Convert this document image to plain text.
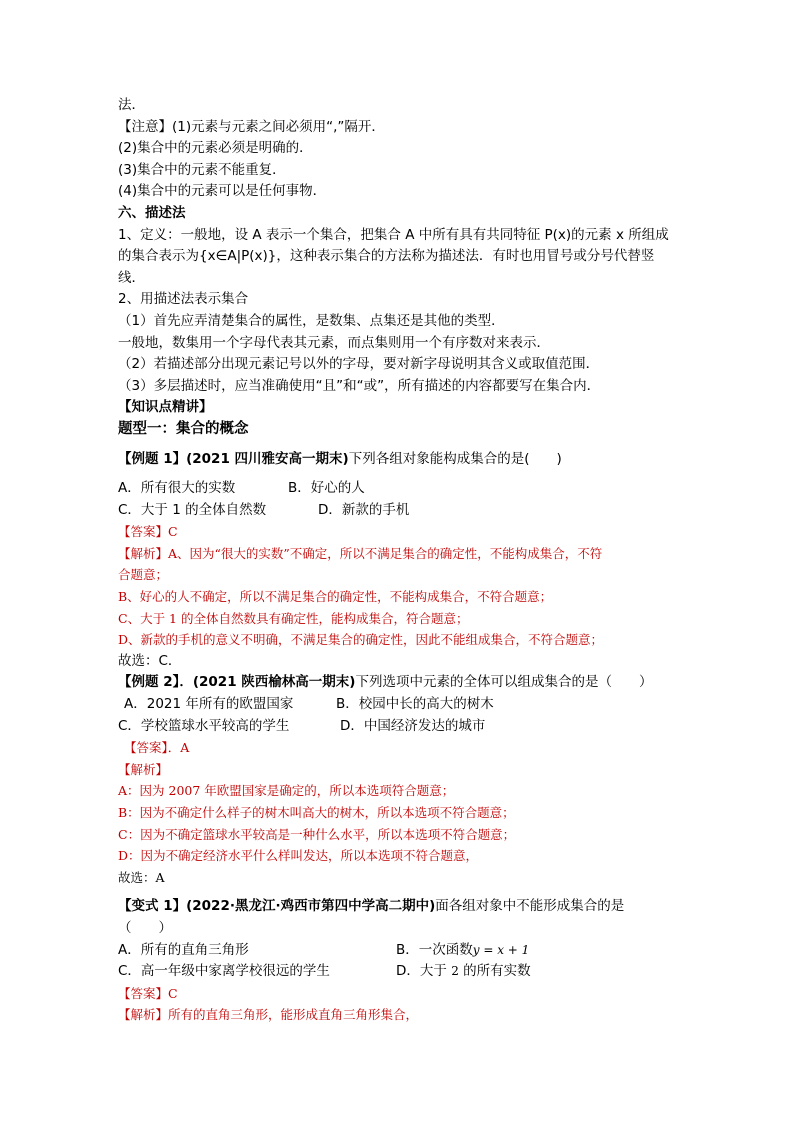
法．
【注意】(1)元素与元素之间必须用“,”隔开．
(2)集合中的元素必须是明确的．
(3)集合中的元素不能重复．
(4)集合中的元素可以是任何事物．
六、描述法
1、定义：一般地，设 A 表示一个集合，把集合 A 中所有具有共同特征 P(x)的元素 x 所组成
的集合表示为{x∈A|P(x)}，这种表示集合的方法称为描述法．有时也用冒号或分号代替竖
线．
2、用描述法表示集合
（1）首先应弄清楚集合的属性，是数集、点集还是其他的类型．
一般地，数集用一个字母代表其元素，而点集则用一个有序数对来表示．
（2）若描述部分出现元素记号以外的字母，要对新字母说明其含义或取值范围．
（3）多层描述时，应当准确使用“且”和“或”，所有描述的内容都要写在集合内．
【知识点精讲】
题型一：集合的概念
【例题 1】(2021 四川雅安高一期末)下列各组对象能构成集合的是(　　)
A．所有很大的实数	B．好心的人
C．大于 1 的全体自然数	D．新款的手机
【答案】C
【解析】A、因为“很大的实数”不确定，所以不满足集合的确定性，不能构成集合，不符
合题意；
B、好心的人不确定，所以不满足集合的确定性，不能构成集合，不符合题意；
C、大于 1 的全体自然数具有确定性，能构成集合，符合题意；
D、新款的手机的意义不明确，不满足集合的确定性，因此不能组成集合，不符合题意；
故选：C．
【例题 2】．(2021 陕西榆林高一期末)下列选项中元素的全体可以组成集合的是（　　）
A．2021 年所有的欧盟国家	B．校园中长的高大的树木
C．学校篮球水平较高的学生	D．中国经济发达的城市
【答案】．A
【解析】
A：因为 2007 年欧盟国家是确定的，所以本选项符合题意；
B：因为不确定什么样子的树木叫高大的树木，所以本选项不符合题意；
C：因为不确定篮球水平较高是一种什么水平，所以本选项不符合题意；
D：因为不确定经济水平什么样叫发达，所以本选项不符合题意，
故选：A
【变式 1】(2022·黑龙江·鸡西市第四中学高二期中)面各组对象中不能形成集合的是
（　　）
A．所有的直角三角形	B．一次函数y = x + 1
C．高一年级中家离学校很远的学生	D．大于 2 的所有实数
【答案】C
【解析】所有的直角三角形，能形成直角三角形集合，
